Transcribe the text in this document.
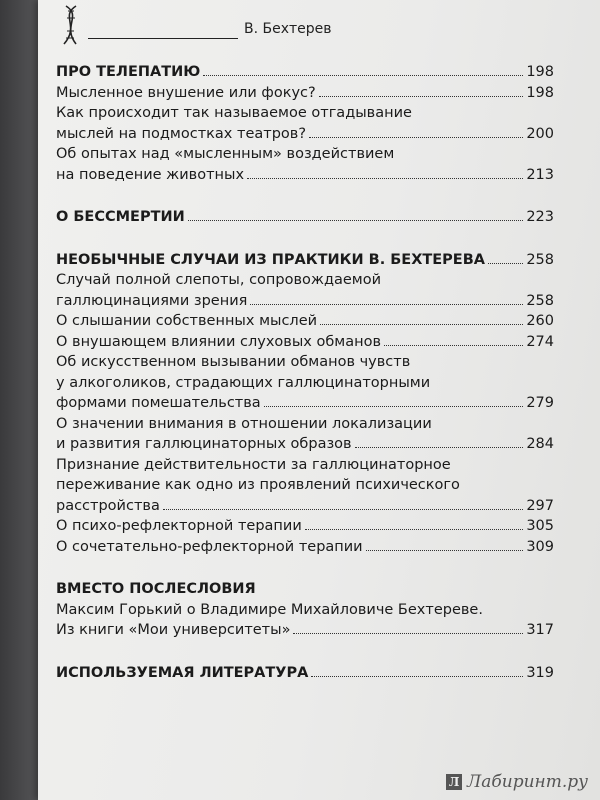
В. Бехтерев
ПРО ТЕЛЕПАТИЮ	198
Мысленное внушение или фокус?	198
Как происходит так называемое отгадывание
мыслей на подмостках театров?	200
Об опытах над «мысленным» воздействием
на поведение животных	213
О БЕССМЕРТИИ	223
НЕОБЫЧНЫЕ СЛУЧАИ ИЗ ПРАКТИКИ В. БЕХТЕРЕВА	258
Случай полной слепоты, сопровождаемой
галлюцинациями зрения	258
О слышании собственных мыслей	260
О внушающем влиянии слуховых обманов	274
Об искусственном вызывании обманов чувств
у алкоголиков, страдающих галлюцинаторными
формами помешательства	279
О значении внимания в отношении локализации
и развития галлюцинаторных образов	284
Признание действительности за галлюцинаторное
переживание как одно из проявлений психического
расстройства	297
О психо-рефлекторной терапии	305
О сочетательно-рефлекторной терапии	309
ВМЕСТО ПОСЛЕСЛОВИЯ
Максим Горький о Владимире Михайловиче Бехтереве.
Из книги «Мои университеты»	317
ИСПОЛЬЗУЕМАЯ ЛИТЕРАТУРА	319
Л Лабиринт.ру
